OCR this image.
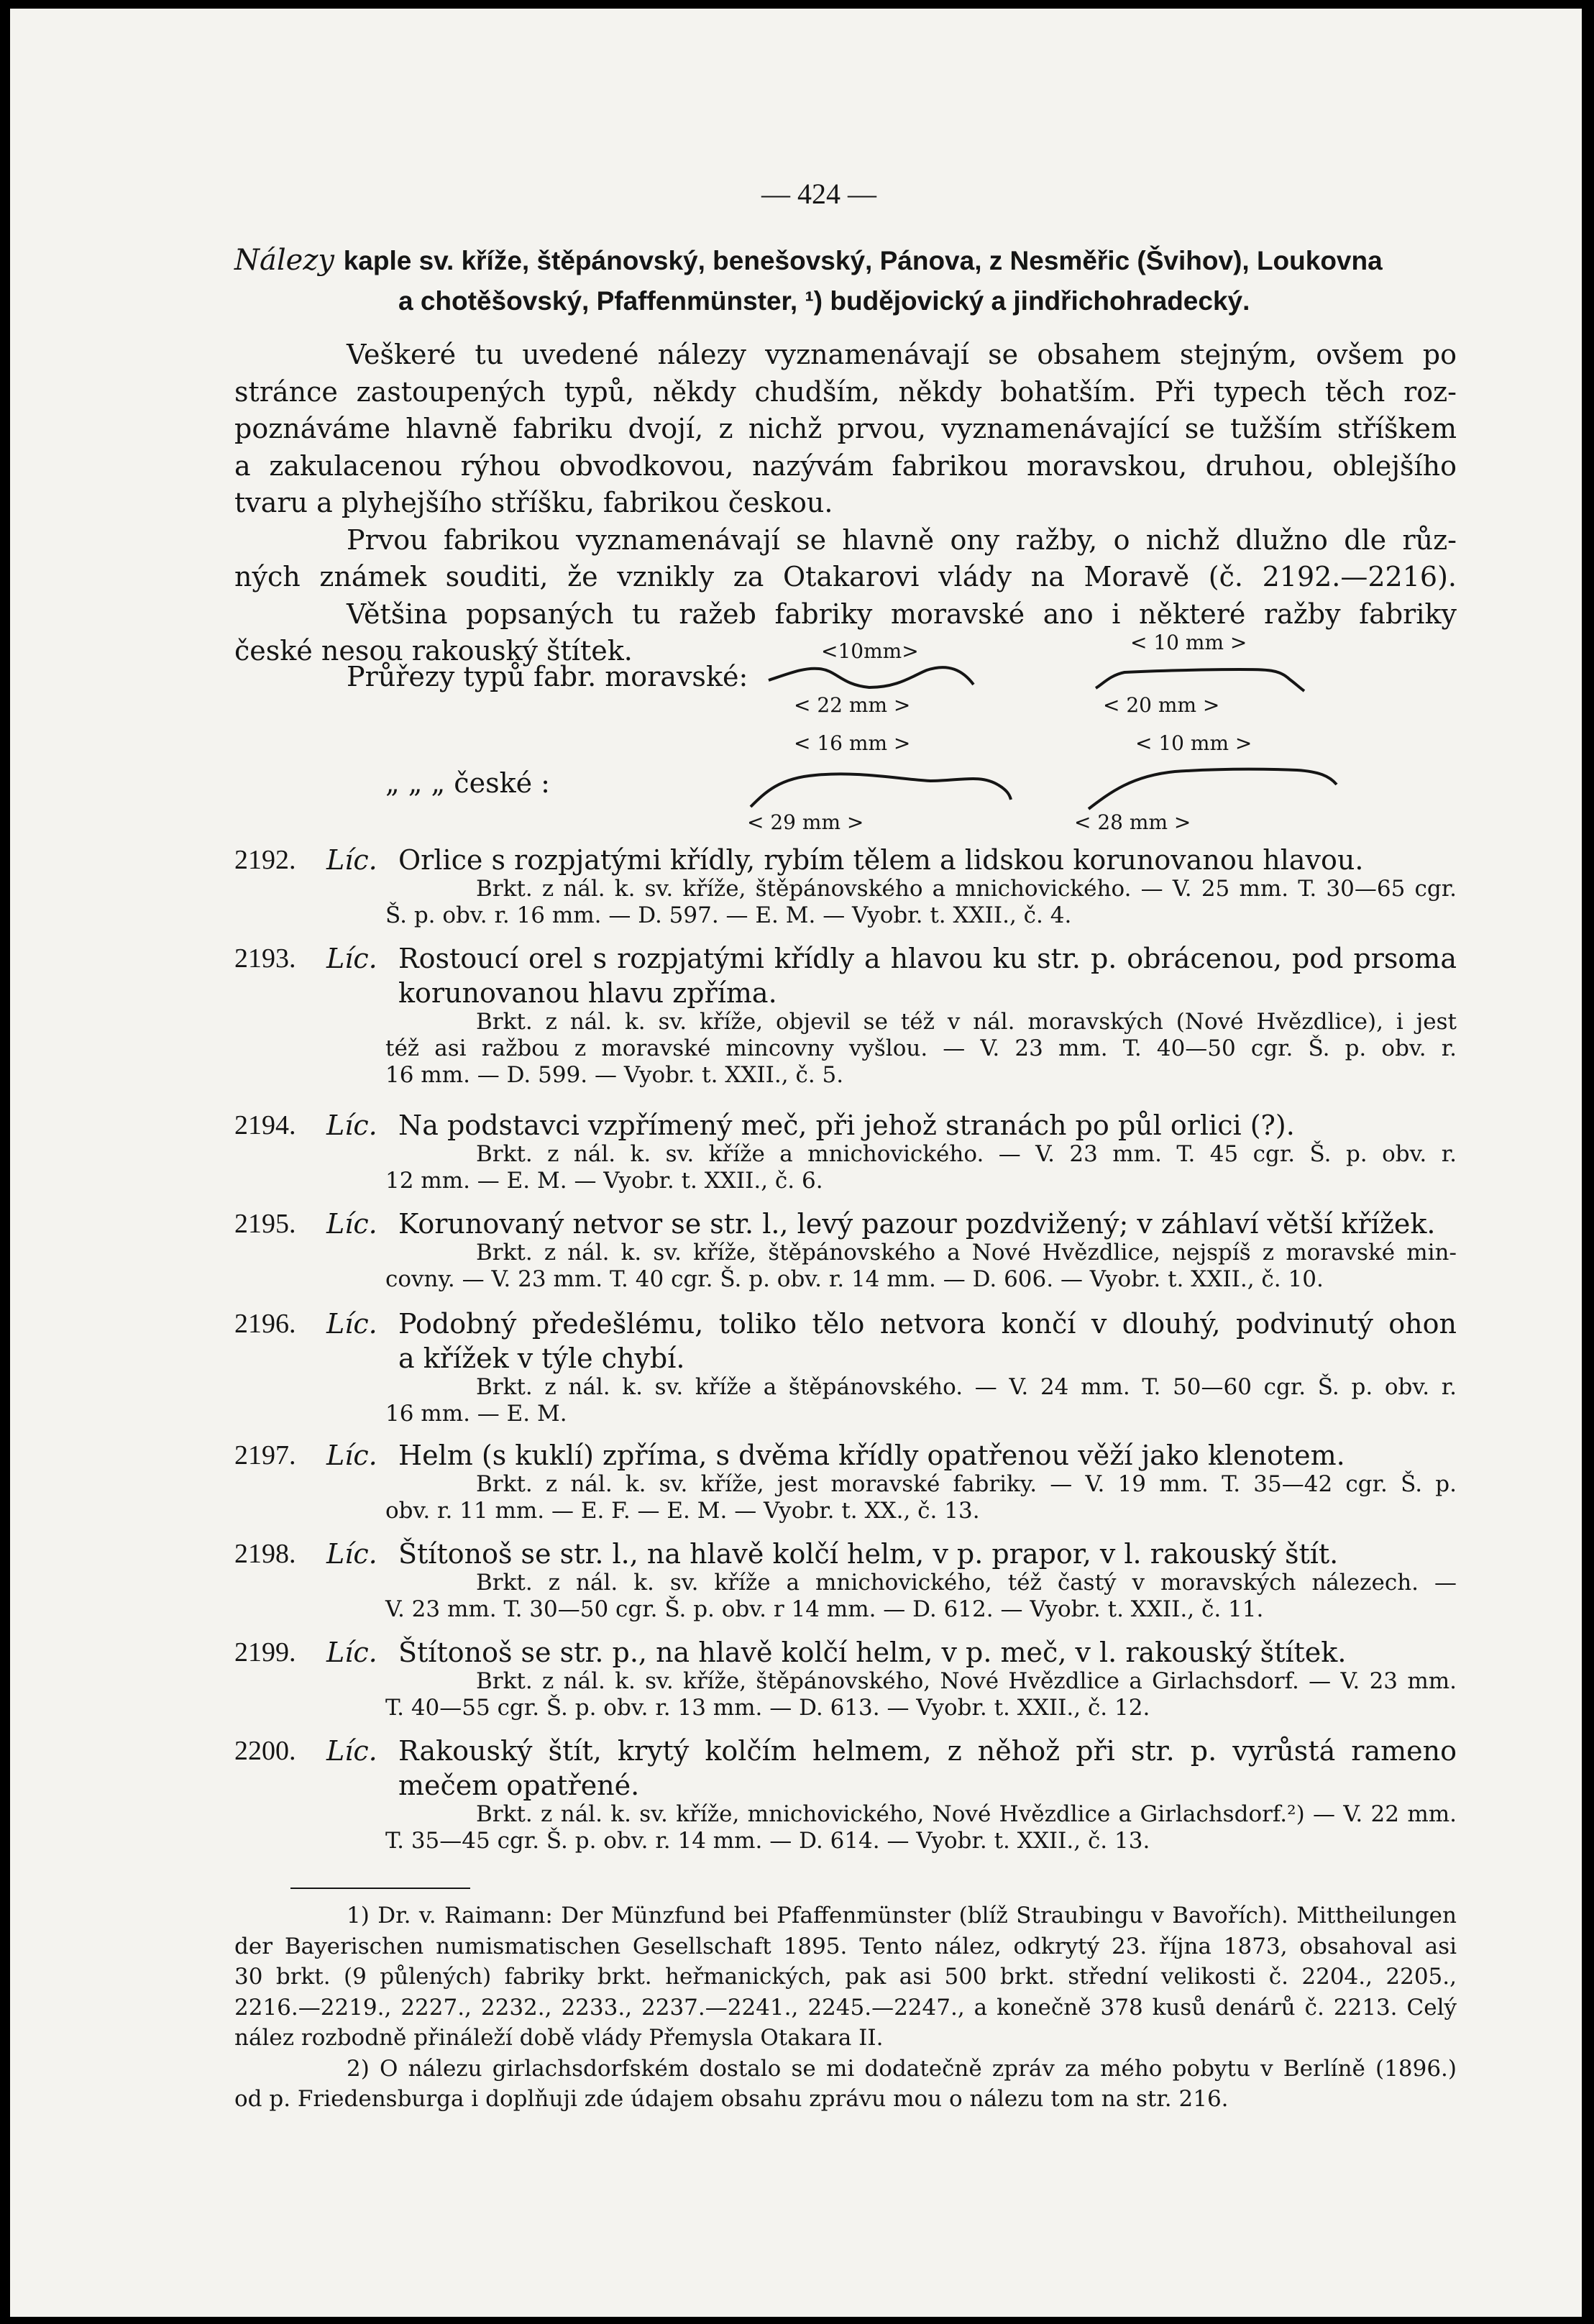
— 424 —
Nálezy kaple sv. kříže, štěpánovský, benešovský, Pánova, z Nesměřic (Švihov), Loukovna
a chotěšovský, Pfaffenmünster, ¹) budějovický a jindřichohradecký.
Veškeré tu uvedené nálezy vyznamenávají se obsahem stejným, ovšem po
stránce zastoupených typů, někdy chudším, někdy bohatším. Při typech těch roz-
poznáváme hlavně fabriku dvojí, z nichž prvou, vyznamenávající se tužším stříškem
a zakulacenou rýhou obvodkovou, nazývám fabrikou moravskou, druhou, oblejšího
tvaru a plyhejšího stříšku, fabrikou českou.
Prvou fabrikou vyznamenávají se hlavně ony ražby, o nichž dlužno dle růz-
ných známek souditi, že vznikly za Otakarovi vlády na Moravě (č. 2192.—2216).
Většina popsaných tu ražeb fabriky moravské ano i některé ražby fabriky
české nesou rakouský štítek.
Průřezy typů fabr. moravské:
„ „ „ české :
<10mm>
< 22 mm >
< 10 mm >
< 20 mm >
< 16 mm >
< 29 mm >
< 10 mm >
< 28 mm >
2192. Líc. Orlice s rozpjatými křídly, rybím tělem a lidskou korunovanou hlavou.
Brkt. z nál. k. sv. kříže, štěpánovského a mnichovického. — V. 25 mm. T. 30—65 cgr.
Š. p. obv. r. 16 mm. — D. 597. — E. M. — Vyobr. t. XXII., č. 4.
2193. Líc. Rostoucí orel s rozpjatými křídly a hlavou ku str. p. obrácenou, pod prsoma
korunovanou hlavu zpříma.
Brkt. z nál. k. sv. kříže, objevil se též v nál. moravských (Nové Hvězdlice), i jest
též asi ražbou z moravské mincovny vyšlou. — V. 23 mm. T. 40—50 cgr. Š. p. obv. r.
16 mm. — D. 599. — Vyobr. t. XXII., č. 5.
2194. Líc. Na podstavci vzpřímený meč, při jehož stranách po půl orlici (?).
Brkt. z nál. k. sv. kříže a mnichovického. — V. 23 mm. T. 45 cgr. Š. p. obv. r.
12 mm. — E. M. — Vyobr. t. XXII., č. 6.
2195. Líc. Korunovaný netvor se str. l., levý pazour pozdvižený; v záhlaví větší křížek.
Brkt. z nál. k. sv. kříže, štěpánovského a Nové Hvězdlice, nejspíš z moravské min-
covny. — V. 23 mm. T. 40 cgr. Š. p. obv. r. 14 mm. — D. 606. — Vyobr. t. XXII., č. 10.
2196. Líc. Podobný předešlému, toliko tělo netvora končí v dlouhý, podvinutý ohon
a křížek v týle chybí.
Brkt. z nál. k. sv. kříže a štěpánovského. — V. 24 mm. T. 50—60 cgr. Š. p. obv. r.
16 mm. — E. M.
2197. Líc. Helm (s kuklí) zpříma, s dvěma křídly opatřenou věží jako klenotem.
Brkt. z nál. k. sv. kříže, jest moravské fabriky. — V. 19 mm. T. 35—42 cgr. Š. p.
obv. r. 11 mm. — E. F. — E. M. — Vyobr. t. XX., č. 13.
2198. Líc. Štítonoš se str. l., na hlavě kolčí helm, v p. prapor, v l. rakouský štít.
Brkt. z nál. k. sv. kříže a mnichovického, též častý v moravských nálezech. —
V. 23 mm. T. 30—50 cgr. Š. p. obv. r 14 mm. — D. 612. — Vyobr. t. XXII., č. 11.
2199. Líc. Štítonoš se str. p., na hlavě kolčí helm, v p. meč, v l. rakouský štítek.
Brkt. z nál. k. sv. kříže, štěpánovského, Nové Hvězdlice a Girlachsdorf. — V. 23 mm.
T. 40—55 cgr. Š. p. obv. r. 13 mm. — D. 613. — Vyobr. t. XXII., č. 12.
2200. Líc. Rakouský štít, krytý kolčím helmem, z něhož při str. p. vyrůstá rameno
mečem opatřené.
Brkt. z nál. k. sv. kříže, mnichovického, Nové Hvězdlice a Girlachsdorf.²) — V. 22 mm.
T. 35—45 cgr. Š. p. obv. r. 14 mm. — D. 614. — Vyobr. t. XXII., č. 13.
1) Dr. v. Raimann: Der Münzfund bei Pfaffenmünster (blíž Straubingu v Bavořích). Mittheilungen
der Bayerischen numismatischen Gesellschaft 1895. Tento nález, odkrytý 23. října 1873, obsahoval asi
30 brkt. (9 půlených) fabriky brkt. heřmanických, pak asi 500 brkt. střední velikosti č. 2204., 2205.,
2216.—2219., 2227., 2232., 2233., 2237.—2241., 2245.—2247., a konečně 378 kusů denárů č. 2213. Celý
nález rozbodně přináleží době vlády Přemysla Otakara II.
2) O nálezu girlachsdorfském dostalo se mi dodatečně zpráv za mého pobytu v Berlíně (1896.)
od p. Friedensburga i doplňuji zde údajem obsahu zprávu mou o nálezu tom na str. 216.
